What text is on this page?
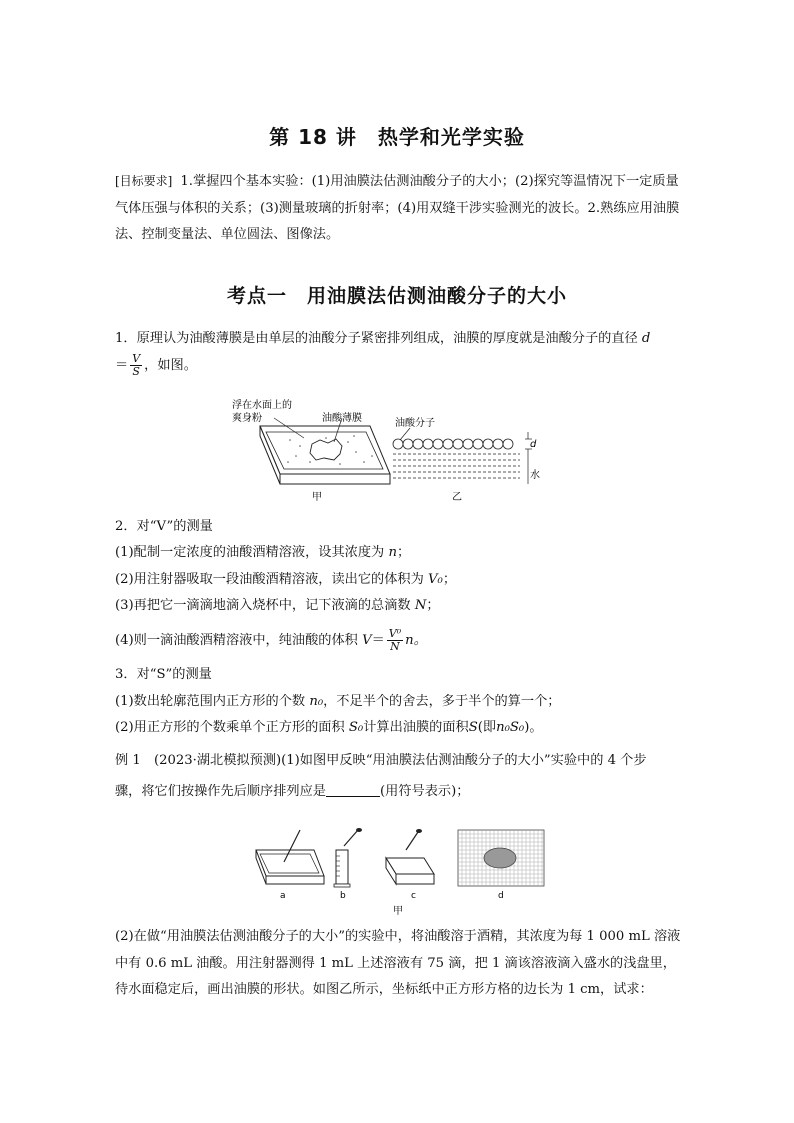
第 18 讲　热学和光学实验
[目标要求] 1.掌握四个基本实验：(1)用油膜法估测油酸分子的大小；(2)探究等温情况下一定质量气体压强与体积的关系；(3)测量玻璃的折射率；(4)用双缝干涉实验测光的波长。2.熟练应用油膜法、控制变量法、单位圆法、图像法。
考点一　用油膜法估测油酸分子的大小
1．原理认为油酸薄膜是由单层的油酸分子紧密排列组成，油膜的厚度就是油酸分子的直径 d
＝ $\frac{V}{S}$ ，如图。
浮在水面上的
爽身粉	油酸薄膜
甲
油酸分子
d
水
乙
2．对“V”的测量
(1)配制一定浓度的油酸酒精溶液，设其浓度为 n；
(2)用注射器吸取一段油酸酒精溶液，读出它的体积为 V₀；
(3)再把它一滴滴地滴入烧杯中，记下液滴的总滴数 N；
(4)则一滴油酸酒精溶液中，纯油酸的体积 $V= \frac{\text{V⁰}}{N}$ n。
3．对“S”的测量
(1)数出轮廓范围内正方形的个数 n₀，不足半个的舍去，多于半个的算一个；
(2)用正方形的个数乘单个正方形的面积 S₀计算出油膜的面积S(即n₀S₀)。
例 1　(2023·湖北模拟预测)(1)如图甲反映“用油膜法估测油酸分子的大小”实验中的 4 个步
骤，将它们按操作先后顺序排列应是	(用符号表示)；
a	b	c	d
甲
(2)在做“用油膜法估测油酸分子的大小”的实验中，将油酸溶于酒精，其浓度为每 1 000 mL 溶液中有 0.6 mL 油酸。用注射器测得 1 mL 上述溶液有 75 滴，把 1 滴该溶液滴入盛水的浅盘里，待水面稳定后，画出油膜的形状。如图乙所示，坐标纸中正方形方格的边长为 1 cm，试求：
